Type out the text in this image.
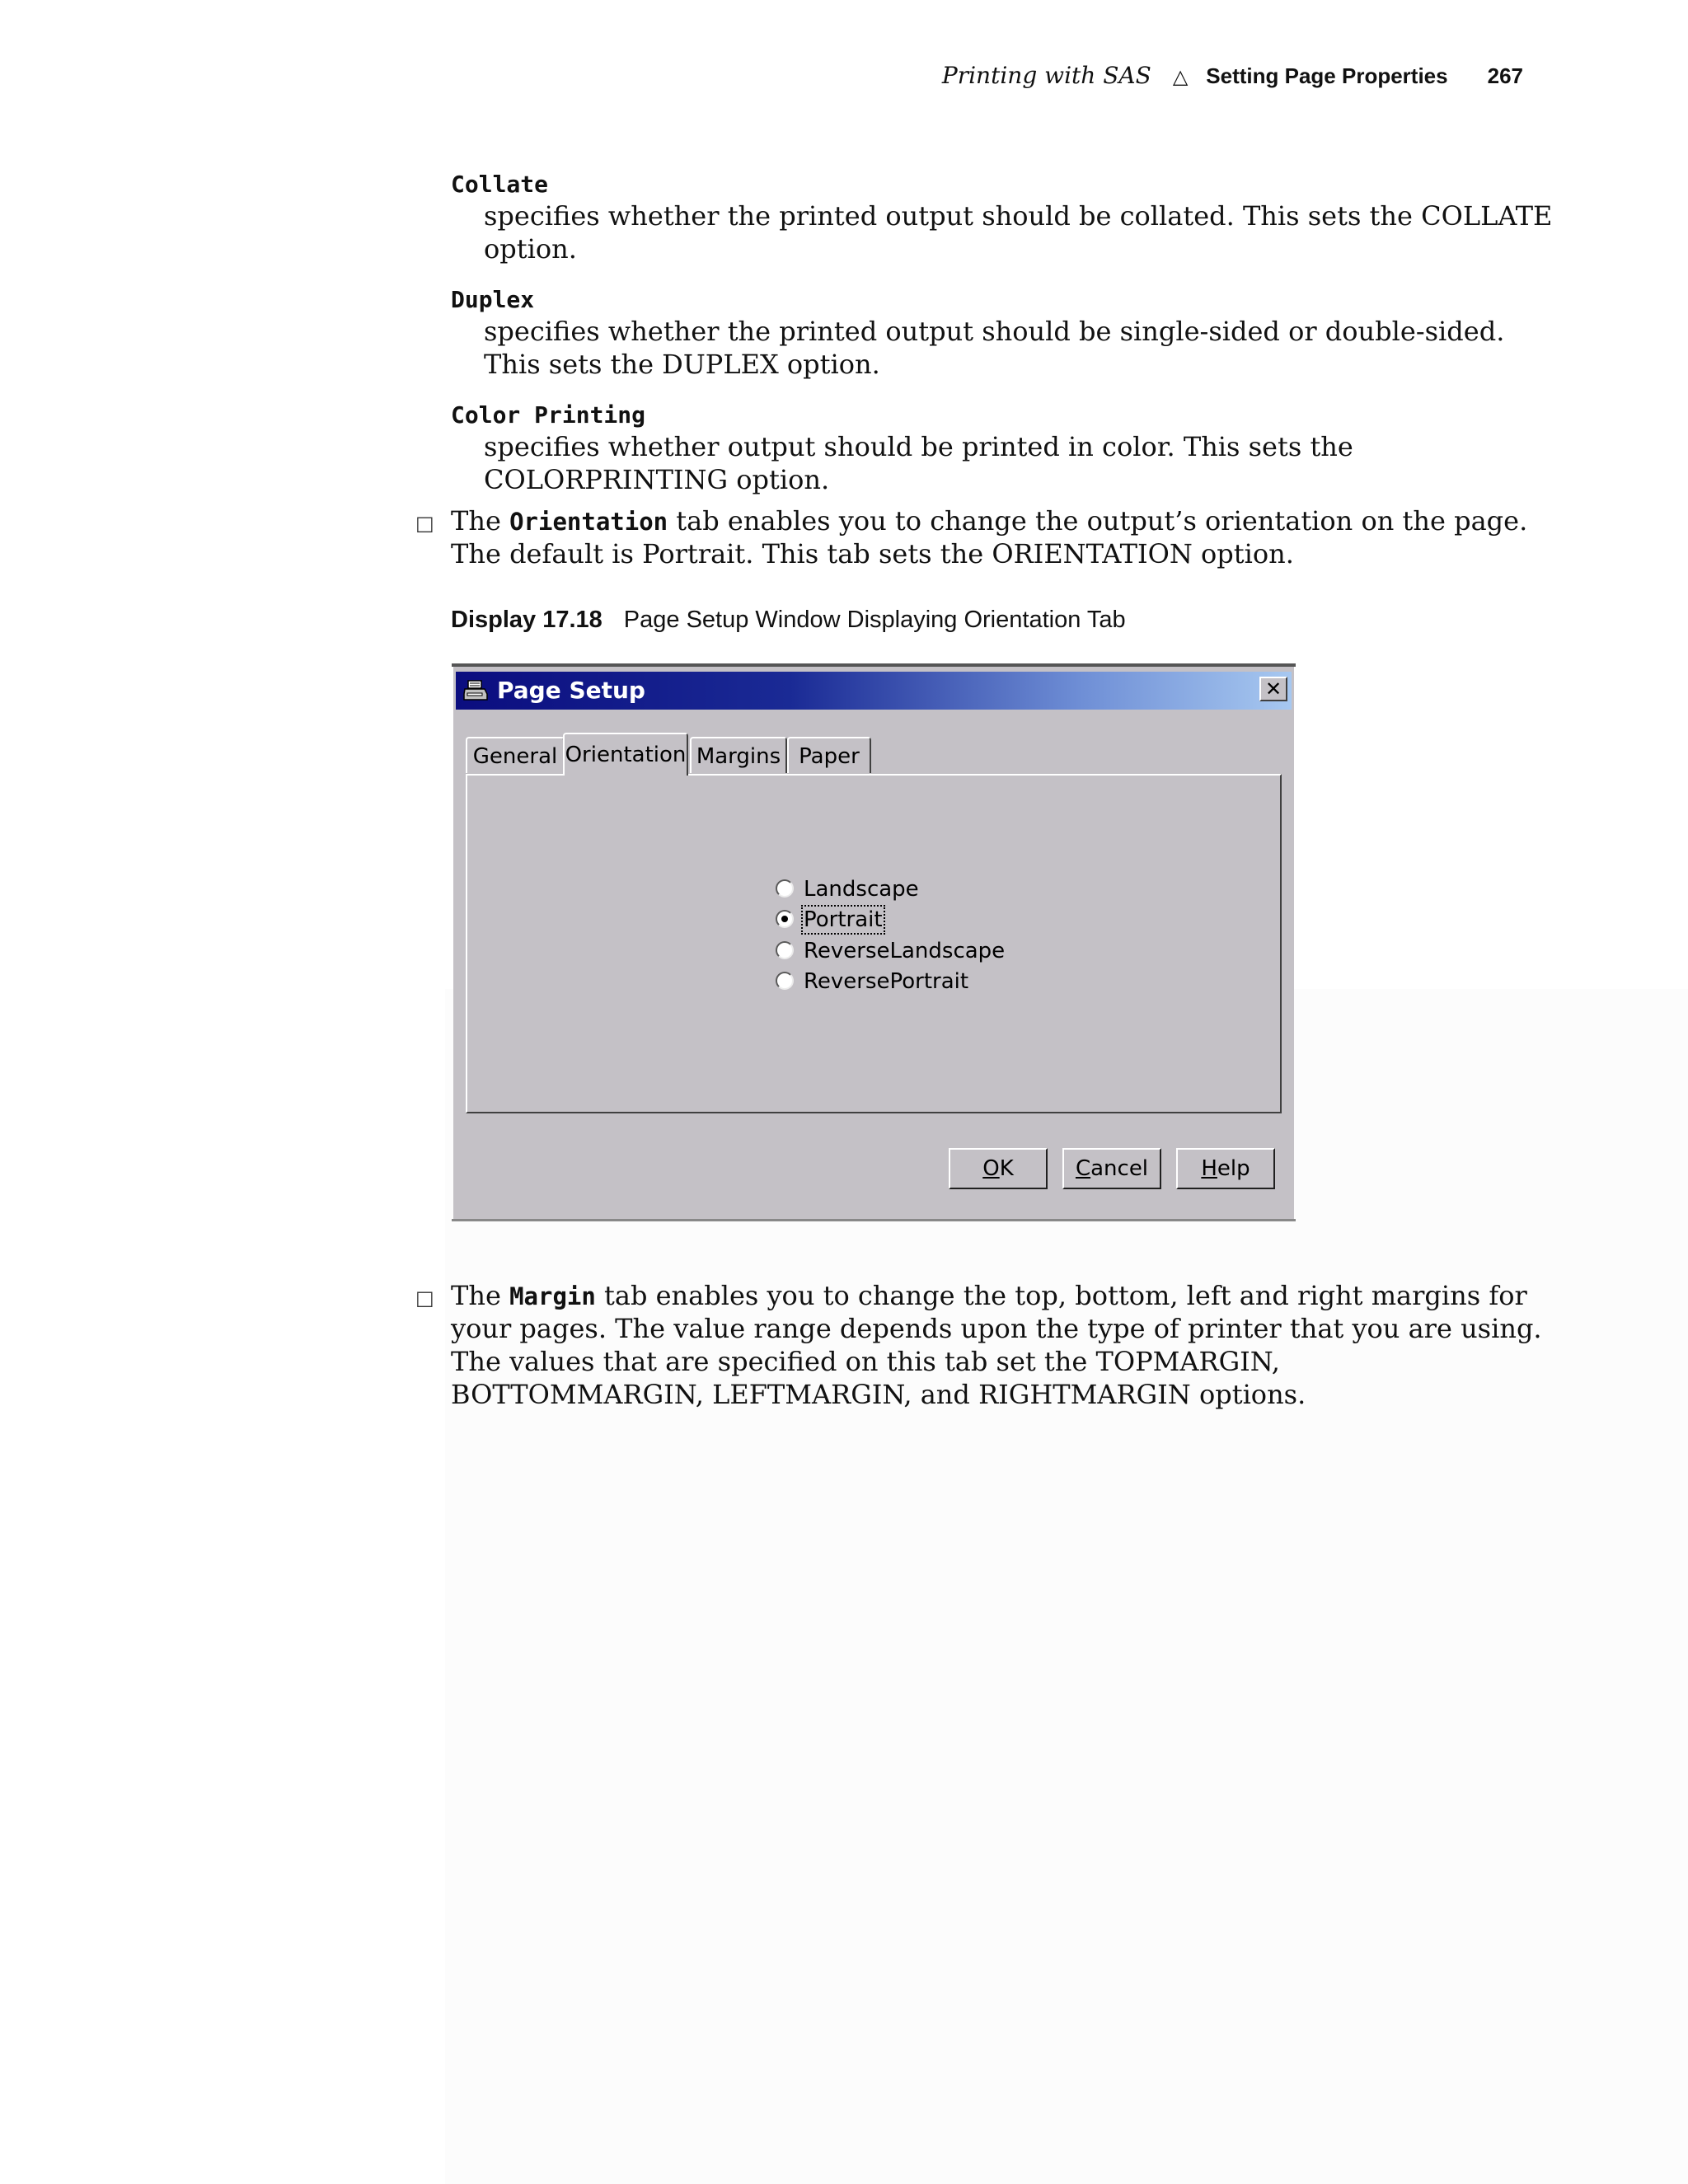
Printing with SAS △ Setting Page Properties 267
Collate
specifies whether the printed output should be collated. This sets the COLLATE
option.
Duplex
specifies whether the printed output should be single-sided or double-sided.
This sets the DUPLEX option.
Color Printing
specifies whether output should be printed in color. This sets the
COLORPRINTING option.
□ The Orientation tab enables you to change the output’s orientation on the page.
The default is Portrait. This tab sets the ORIENTATION option.
Display 17.18 Page Setup Window Displaying Orientation Tab
Page Setup	✕
General Orientation Margins Paper
Landscape
Portrait
ReverseLandscape
ReversePortrait
OK	Cancel	Help
□ The Margin tab enables you to change the top, bottom, left and right margins for
your pages. The value range depends upon the type of printer that you are using.
The values that are specified on this tab set the TOPMARGIN,
BOTTOMMARGIN, LEFTMARGIN, and RIGHTMARGIN options.
